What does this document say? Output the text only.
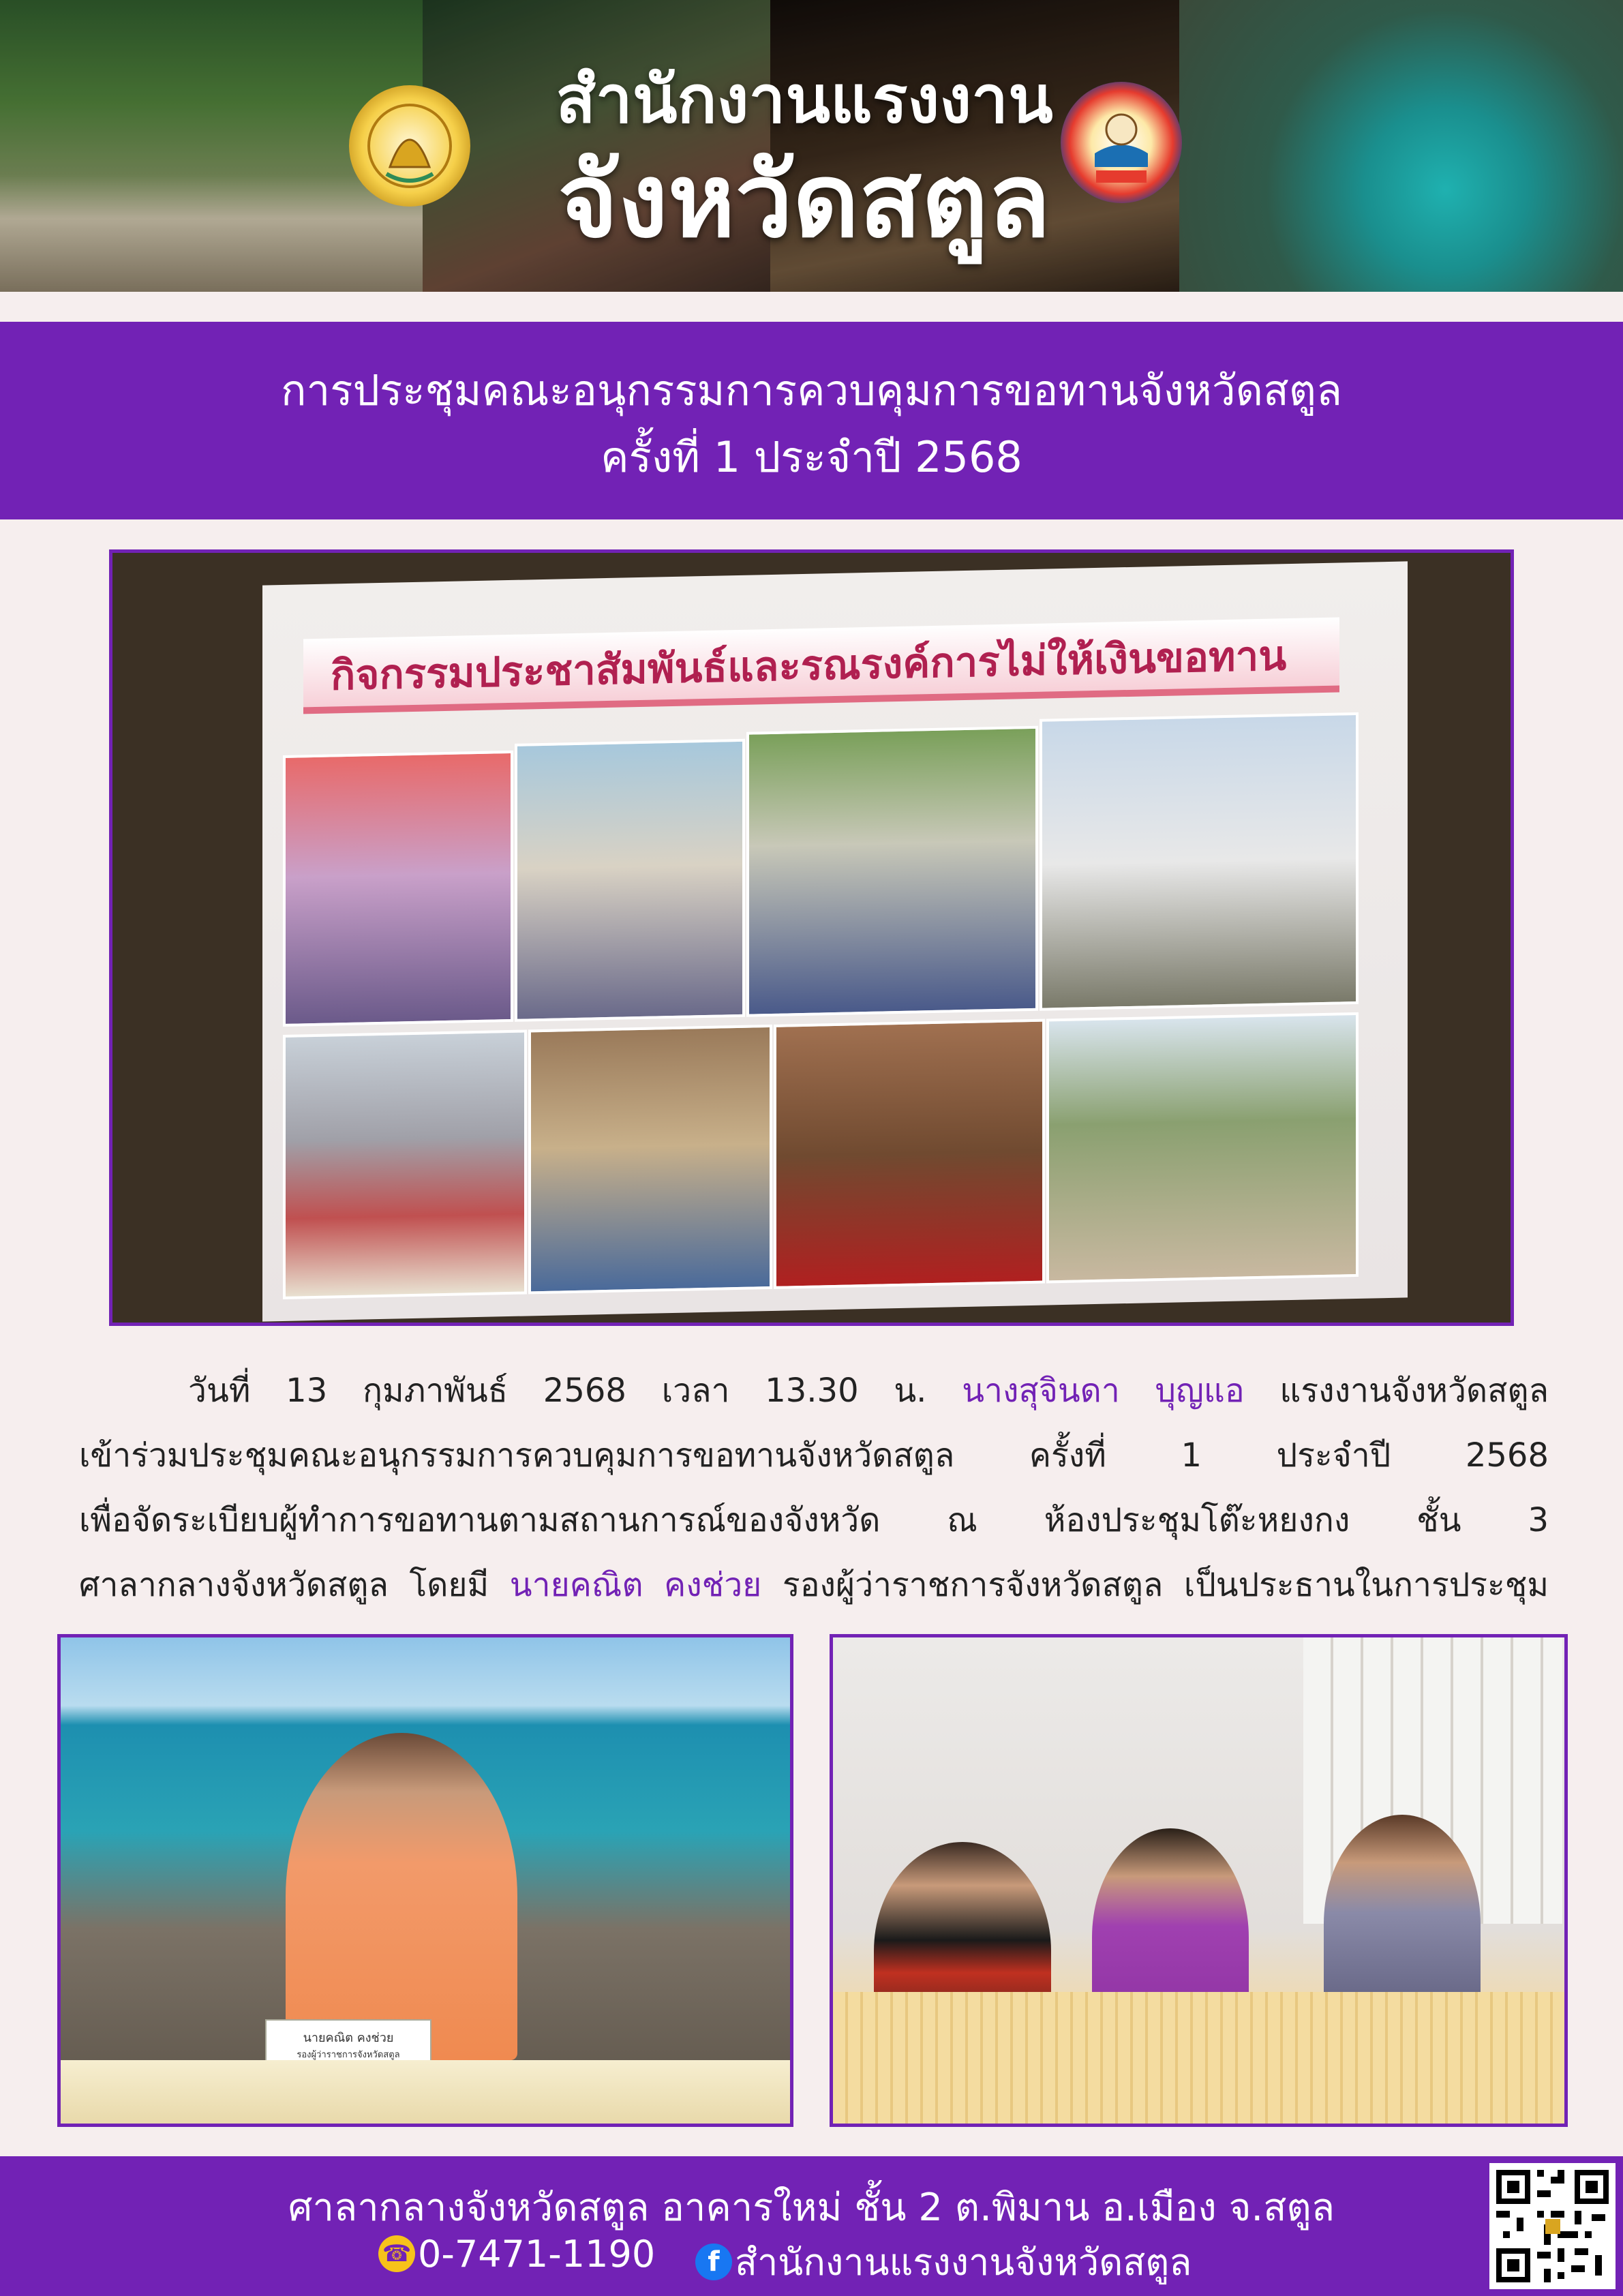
สำนักงานแรงงาน
จังหวัดสตูล
การประชุมคณะอนุกรรมการควบคุมการขอทานจังหวัดสตูล
ครั้งที่ 1 ประจำปี 2568
กิจกรรมประชาสัมพันธ์และรณรงค์การไม่ให้เงินขอทาน
วันที่ 13 กุมภาพันธ์ 2568 เวลา 13.30 น. นางสุจินดา บุญแอ แรงงานจังหวัดสตูล
เข้าร่วมประชุมคณะอนุกรรมการควบคุมการขอทานจังหวัดสตูล ครั้งที่ 1 ประจำปี 2568
เพื่อจัดระเบียบผู้ทำการขอทานตามสถานการณ์ของจังหวัด ณ ห้องประชุมโต๊ะหยงกง ชั้น 3
ศาลากลางจังหวัดสตูล โดยมี นายคณิต คงช่วย รองผู้ว่าราชการจังหวัดสตูล เป็นประธานในการประชุม
นายคณิต คงช่วย
รองผู้ว่าราชการจังหวัดสตูล
ศาลากลางจังหวัดสตูล อาคารใหม่ ชั้น 2 ต.พิมาน อ.เมือง จ.สตูล
☎ 0-7471-1190	f สำนักงานแรงงานจังหวัดสตูล
